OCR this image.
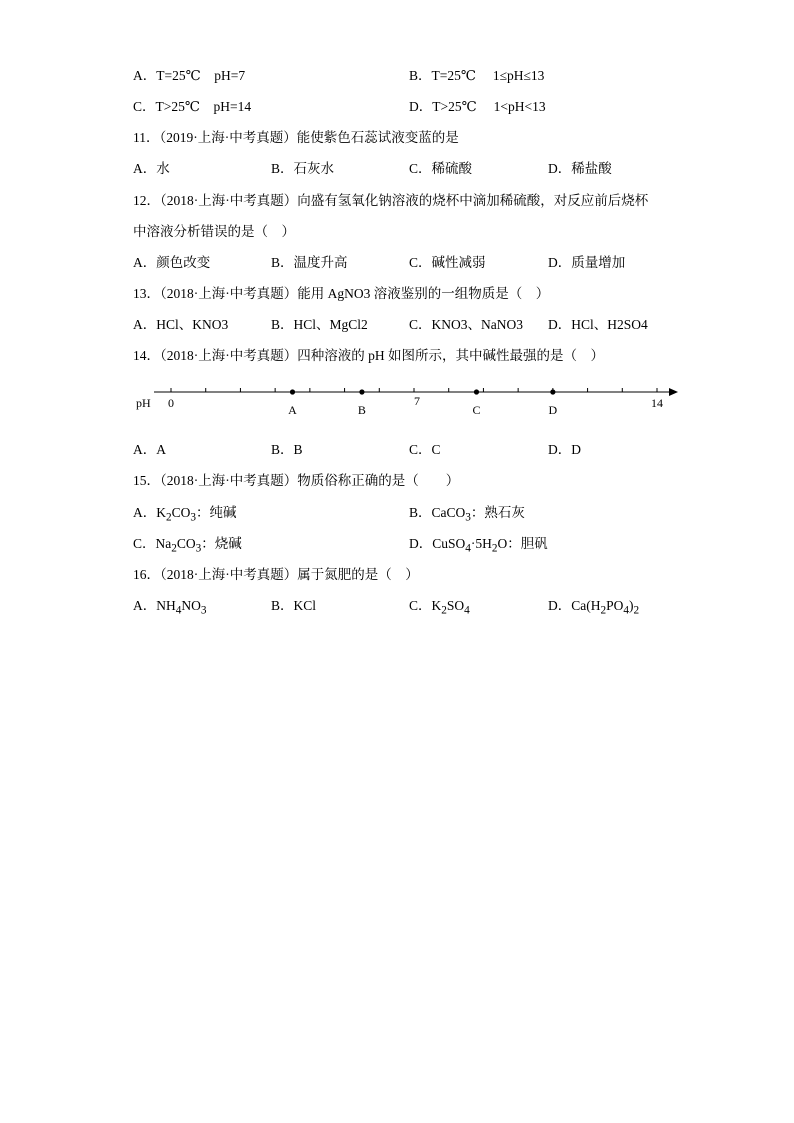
A．T=25℃　pH=7	B．T=25℃　 1≤pH≤13
C．T>25℃　pH=14	D．T>25℃　 1<pH<13
11．（2019·上海·中考真题）能使紫色石蕊试液变蓝的是
A．水	B．石灰水	C．稀硫酸	D．稀盐酸
12．（2018·上海·中考真题）向盛有氢氧化钠溶液的烧杯中滴加稀硫酸，对反应前后烧杯
中溶液分析错误的是（　）
A．颜色改变	B．温度升高	C．碱性减弱	D．质量增加
13．（2018·上海·中考真题）能用 AgNO3 溶液鉴别的一组物质是（　）
A．HCl、KNO3	B．HCl、MgCl2	C．KNO3、NaNO3 D．HCl、H2SO4
14．（2018·上海·中考真题）四种溶液的 pH 如图所示，其中碱性最强的是（　）
pH 0	7	14
A	B	C	D
A．A	B．B	C．C	D．D
15．（2018·上海·中考真题）物质俗称正确的是（　　）
A．$K_2CO_3$：纯碱	B．CaCO$_3$：熟石灰
C．$Na_2CO_3$：烧碱	D．$CuSO_4\cdot 5H_2O$：胆矾
16．（2018·上海·中考真题）属于氮肥的是（　）
A．$NH_4NO_3$	B．KCl	C．$K_2SO_4$	D．$Ca(H_2PO_4)_2$
